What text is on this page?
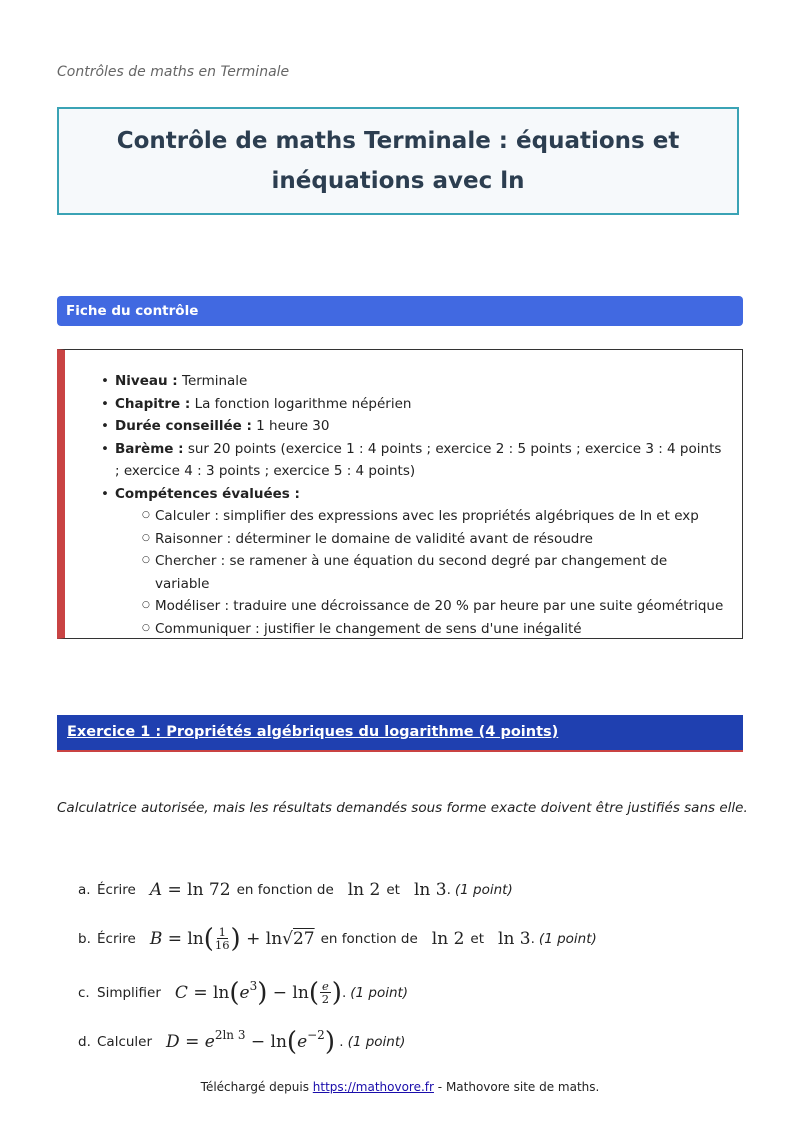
Contrôles de maths en Terminale
Contrôle de maths Terminale : équations et inéquations avec ln
Fiche du contrôle
• Niveau : Terminale
• Chapitre : La fonction logarithme népérien
• Durée conseillée : 1 heure 30
• Barème : sur 20 points (exercice 1 : 4 points ; exercice 2 : 5 points ; exercice 3 : 4 points ; exercice 4 : 3 points ; exercice 5 : 4 points)
• Compétences évaluées :
○ Calculer : simplifier des expressions avec les propriétés algébriques de ln et exp
○ Raisonner : déterminer le domaine de validité avant de résoudre
○ Chercher : se ramener à une équation du second degré par changement de variable
○ Modéliser : traduire une décroissance de 20 % par heure par une suite géométrique
○ Communiquer : justifier le changement de sens d'une inégalité
Exercice 1 : Propriétés algébriques du logarithme (4 points)
Calculatrice autorisée, mais les résultats demandés sous forme exacte doivent être justifiés sans elle.
a. Écrire A = ln 72 en fonction de ln 2 et ln 3 . (1 point)
b. Écrire B = ln ( $\frac{1}{16}$ ) + ln√ 27 en fonction de ln 2 et ln 3 . (1 point)
c. Simplifier C = ln ( e 3 ) − ln ( $\frac{e}{2}$ ) . (1 point)
d. Calculer D = e 2ln 3 − ln ( e −2 ) . (1 point)
Téléchargé depuis https://mathovore.fr - Mathovore site de maths.
